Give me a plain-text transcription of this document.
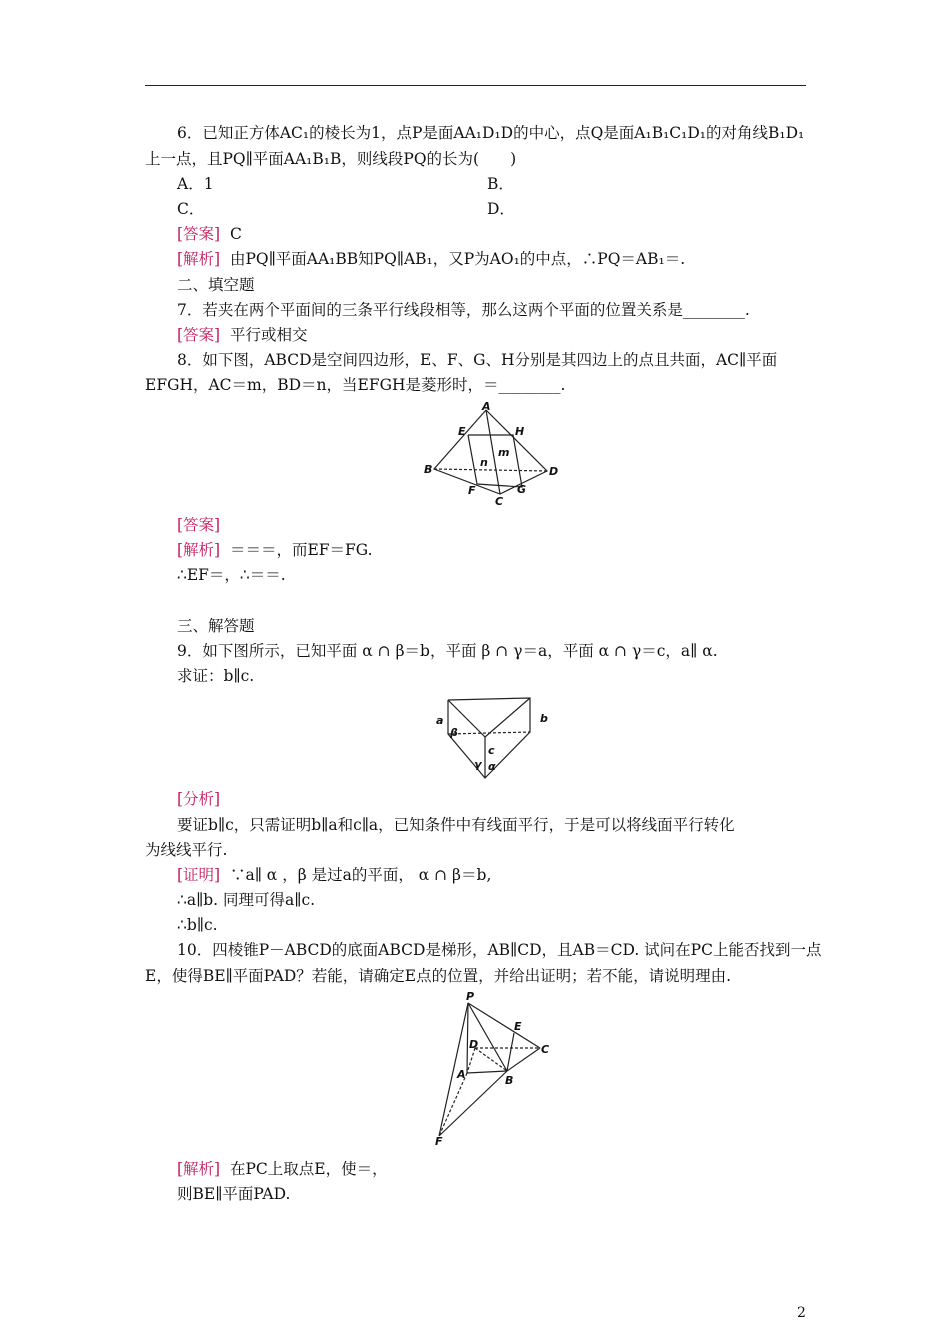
6．已知正方体AC₁的棱长为1，点P是面AA₁D₁D的中心，点Q是面A₁B₁C₁D₁的对角线B₁D₁
上一点，且PQ∥平面AA₁B₁B，则线段PQ的长为(　　)
A．1	B．
C．	D．
[答案] C
[解析] 由PQ∥平面AA₁BB知PQ∥AB₁，又P为AO₁的中点，∴PQ＝AB₁＝.
二、填空题
7．若夹在两个平面间的三条平行线段相等，那么这两个平面的位置关系是________.
[答案] 平行或相交
8．如下图，ABCD是空间四边形，E、F、G、H分别是其四边上的点且共面，AC∥平面
EFGH，AC＝m，BD＝n，当EFGH是菱形时，＝________.
A
E	H
B
n
m
D
F	G
C
[答案]
[解析] ＝＝＝，而EF＝FG.
∴EF＝，∴＝＝.
三、解答题
9．如下图所示，已知平面 α ∩ β＝b，平面 β ∩ γ＝a，平面 α ∩ γ＝c，a∥ α.
求证：b∥c.
a	b
β
c
γ α
[分析]
要证b∥c，只需证明b∥a和c∥a，已知条件中有线面平行，于是可以将线面平行转化
为线线平行.
[证明] ∵a∥ α ，β 是过a的平面， α ∩ β＝b,
∴a∥b. 同理可得a∥c.
∴b∥c.
10．四棱锥P－ABCD的底面ABCD是梯形，AB∥CD，且AB＝CD. 试问在PC上能否找到一点
E，使得BE∥平面PAD？若能，请确定E点的位置，并给出证明；若不能，请说明理由.
P
E
D	C
A	B
F
[解析] 在PC上取点E，使＝，
则BE∥平面PAD.
2
